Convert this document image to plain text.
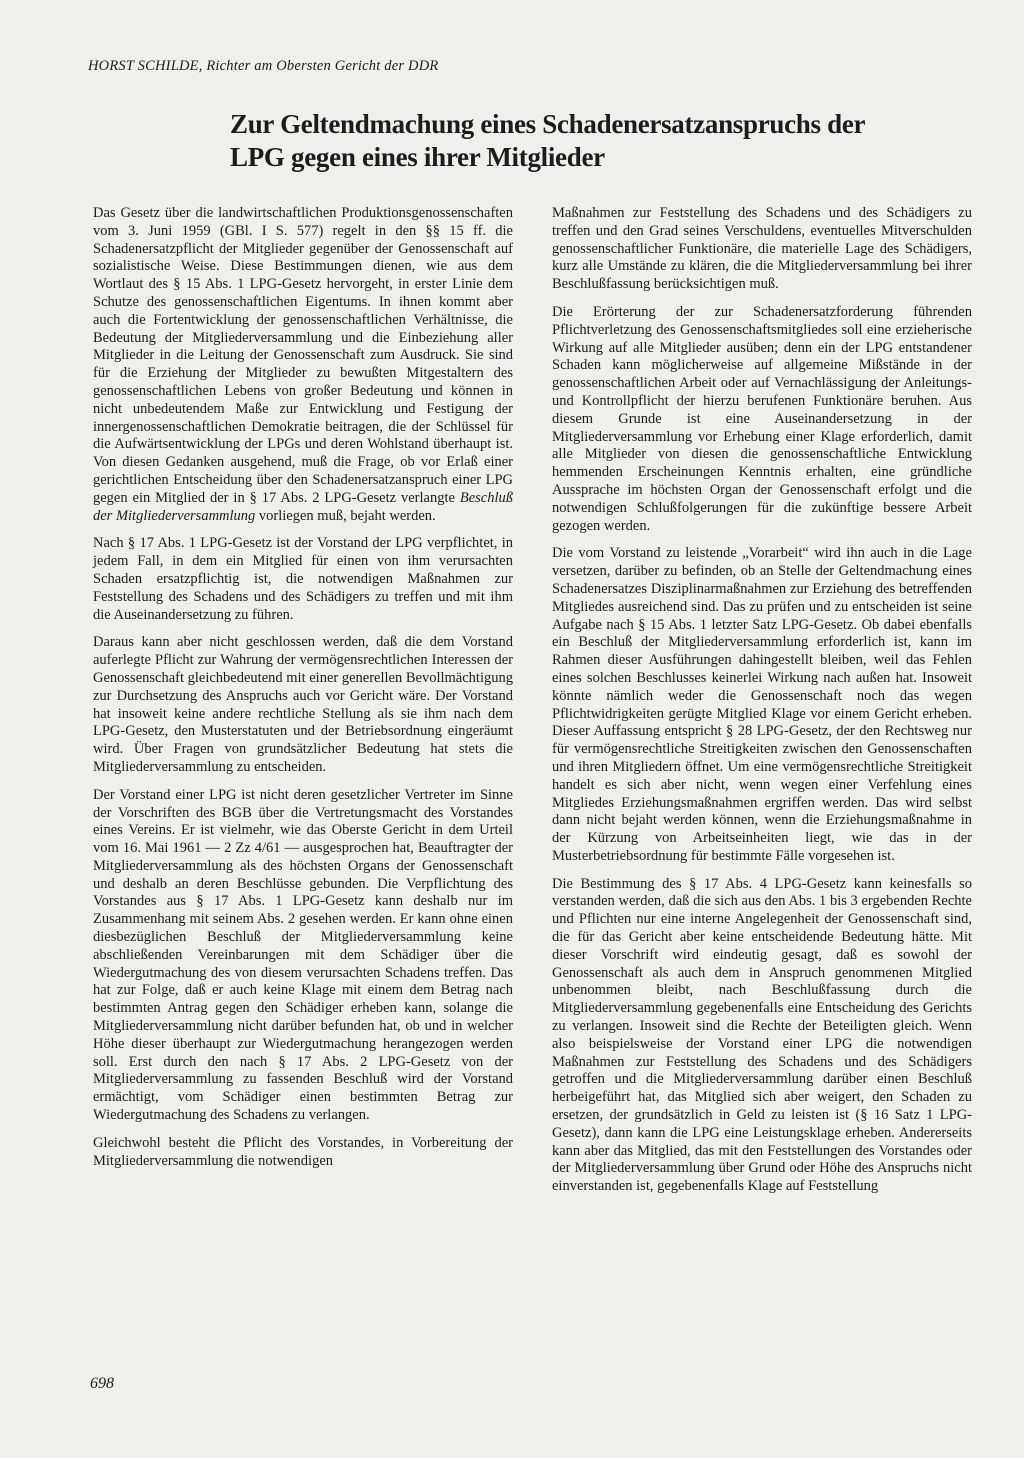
HORST SCHILDE, Richter am Obersten Gericht der DDR
Zur Geltendmachung eines Schadenersatzanspruchs der LPG gegen eines ihrer Mitglieder

Das Gesetz über die landwirtschaftlichen Produktionsgenossenschaften vom 3. Juni 1959 (GBl. I S. 577) regelt in den §§ 15 ff. die Schadenersatzpflicht der Mitglieder gegenüber der Genossenschaft auf sozialistische Weise. Diese Bestimmungen dienen, wie aus dem Wortlaut des § 15 Abs. 1 LPG-Gesetz hervorgeht, in erster Linie dem Schutze des genossenschaftlichen Eigentums. In ihnen kommt aber auch die Fortentwicklung der genossenschaftlichen Verhältnisse, die Bedeutung der Mitgliederversammlung und die Einbeziehung aller Mitglieder in die Leitung der Genossenschaft zum Ausdruck. Sie sind für die Erziehung der Mitglieder zu bewußten Mitgestaltern des genossenschaftlichen Lebens von großer Bedeutung und können in nicht unbedeutendem Maße zur Entwicklung und Festigung der innergenossenschaftlichen Demokratie beitragen, die der Schlüssel für die Aufwärtsentwicklung der LPGs und deren Wohlstand überhaupt ist. Von diesen Gedanken ausgehend, muß die Frage, ob vor Erlaß einer gerichtlichen Entscheidung über den Schadenersatzanspruch einer LPG gegen ein Mitglied der in § 17 Abs. 2 LPG-Gesetz verlangte Beschluß der Mitgliederversammlung vorliegen muß, bejaht werden.

Nach § 17 Abs. 1 LPG-Gesetz ist der Vorstand der LPG verpflichtet, in jedem Fall, in dem ein Mitglied für einen von ihm verursachten Schaden ersatzpflichtig ist, die notwendigen Maßnahmen zur Feststellung des Schadens und des Schädigers zu treffen und mit ihm die Auseinandersetzung zu führen.

Daraus kann aber nicht geschlossen werden, daß die dem Vorstand auferlegte Pflicht zur Wahrung der vermögensrechtlichen Interessen der Genossenschaft gleichbedeutend mit einer generellen Bevollmächtigung zur Durchsetzung des Anspruchs auch vor Gericht wäre. Der Vorstand hat insoweit keine andere rechtliche Stellung als sie ihm nach dem LPG-Gesetz, den Musterstatuten und der Betriebsordnung eingeräumt wird. Über Fragen von grundsätzlicher Bedeutung hat stets die Mitgliederversammlung zu entscheiden.

Der Vorstand einer LPG ist nicht deren gesetzlicher Vertreter im Sinne der Vorschriften des BGB über die Vertretungsmacht des Vorstandes eines Vereins. Er ist vielmehr, wie das Oberste Gericht in dem Urteil vom 16. Mai 1961 — 2 Zz 4/61 — ausgesprochen hat, Beauftragter der Mitgliederversammlung als des höchsten Organs der Genossenschaft und deshalb an deren Beschlüsse gebunden. Die Verpflichtung des Vorstandes aus § 17 Abs. 1 LPG-Gesetz kann deshalb nur im Zusammenhang mit seinem Abs. 2 gesehen werden. Er kann ohne einen diesbezüglichen Beschluß der Mitgliederversammlung keine abschließenden Vereinbarungen mit dem Schädiger über die Wiedergutmachung des von diesem verursachten Schadens treffen. Das hat zur Folge, daß er auch keine Klage mit einem dem Betrag nach bestimmten Antrag gegen den Schädiger erheben kann, solange die Mitgliederversammlung nicht darüber befunden hat, ob und in welcher Höhe dieser überhaupt zur Wiedergutmachung herangezogen werden soll. Erst durch den nach § 17 Abs. 2 LPG-Gesetz von der Mitgliederversammlung zu fassenden Beschluß wird der Vorstand ermächtigt, vom Schädiger einen bestimmten Betrag zur Wiedergutmachung des Schadens zu verlangen.

Gleichwohl besteht die Pflicht des Vorstandes, in Vorbereitung der Mitgliederversammlung die notwendigen

Maßnahmen zur Feststellung des Schadens und des Schädigers zu treffen und den Grad seines Verschuldens, eventuelles Mitverschulden genossenschaftlicher Funktionäre, die materielle Lage des Schädigers, kurz alle Umstände zu klären, die die Mitgliederversammlung bei ihrer Beschlußfassung berücksichtigen muß.

Die Erörterung der zur Schadenersatzforderung führenden Pflichtverletzung des Genossenschaftsmitgliedes soll eine erzieherische Wirkung auf alle Mitglieder ausüben; denn ein der LPG entstandener Schaden kann möglicherweise auf allgemeine Mißstände in der genossenschaftlichen Arbeit oder auf Vernachlässigung der Anleitungs- und Kontrollpflicht der hierzu berufenen Funktionäre beruhen. Aus diesem Grunde ist eine Auseinandersetzung in der Mitgliederversammlung vor Erhebung einer Klage erforderlich, damit alle Mitglieder von diesen die genossenschaftliche Entwicklung hemmenden Erscheinungen Kenntnis erhalten, eine gründliche Aussprache im höchsten Organ der Genossenschaft erfolgt und die notwendigen Schlußfolgerungen für die zukünftige bessere Arbeit gezogen werden.

Die vom Vorstand zu leistende „Vorarbeit“ wird ihn auch in die Lage versetzen, darüber zu befinden, ob an Stelle der Geltendmachung eines Schadenersatzes Disziplinarmaßnahmen zur Erziehung des betreffenden Mitgliedes ausreichend sind. Das zu prüfen und zu entscheiden ist seine Aufgabe nach § 15 Abs. 1 letzter Satz LPG-Gesetz. Ob dabei ebenfalls ein Beschluß der Mitgliederversammlung erforderlich ist, kann im Rahmen dieser Ausführungen dahingestellt bleiben, weil das Fehlen eines solchen Beschlusses keinerlei Wirkung nach außen hat. Insoweit könnte nämlich weder die Genossenschaft noch das wegen Pflichtwidrigkeiten gerügte Mitglied Klage vor einem Gericht erheben. Dieser Auffassung entspricht § 28 LPG-Gesetz, der den Rechtsweg nur für vermögensrechtliche Streitigkeiten zwischen den Genossenschaften und ihren Mitgliedern öffnet. Um eine vermögensrechtliche Streitigkeit handelt es sich aber nicht, wenn wegen einer Verfehlung eines Mitgliedes Erziehungsmaßnahmen ergriffen werden. Das wird selbst dann nicht bejaht werden können, wenn die Erziehungsmaßnahme in der Kürzung von Arbeitseinheiten liegt, wie das in der Musterbetriebsordnung für bestimmte Fälle vorgesehen ist.

Die Bestimmung des § 17 Abs. 4 LPG-Gesetz kann keinesfalls so verstanden werden, daß die sich aus den Abs. 1 bis 3 ergebenden Rechte und Pflichten nur eine interne Angelegenheit der Genossenschaft sind, die für das Gericht aber keine entscheidende Bedeutung hätte. Mit dieser Vorschrift wird eindeutig gesagt, daß es sowohl der Genossenschaft als auch dem in Anspruch genommenen Mitglied unbenommen bleibt, nach Beschlußfassung durch die Mitgliederversammlung gegebenenfalls eine Entscheidung des Gerichts zu verlangen. Insoweit sind die Rechte der Beteiligten gleich. Wenn also beispielsweise der Vorstand einer LPG die notwendigen Maßnahmen zur Feststellung des Schadens und des Schädigers getroffen und die Mitgliederversammlung darüber einen Beschluß herbeigeführt hat, das Mitglied sich aber weigert, den Schaden zu ersetzen, der grundsätzlich in Geld zu leisten ist (§ 16 Satz 1 LPG-Gesetz), dann kann die LPG eine Leistungsklage erheben. Andererseits kann aber das Mitglied, das mit den Feststellungen des Vorstandes oder der Mitgliederversammlung über Grund oder Höhe des Anspruchs nicht einverstanden ist, gegebenenfalls Klage auf Feststellung

698
